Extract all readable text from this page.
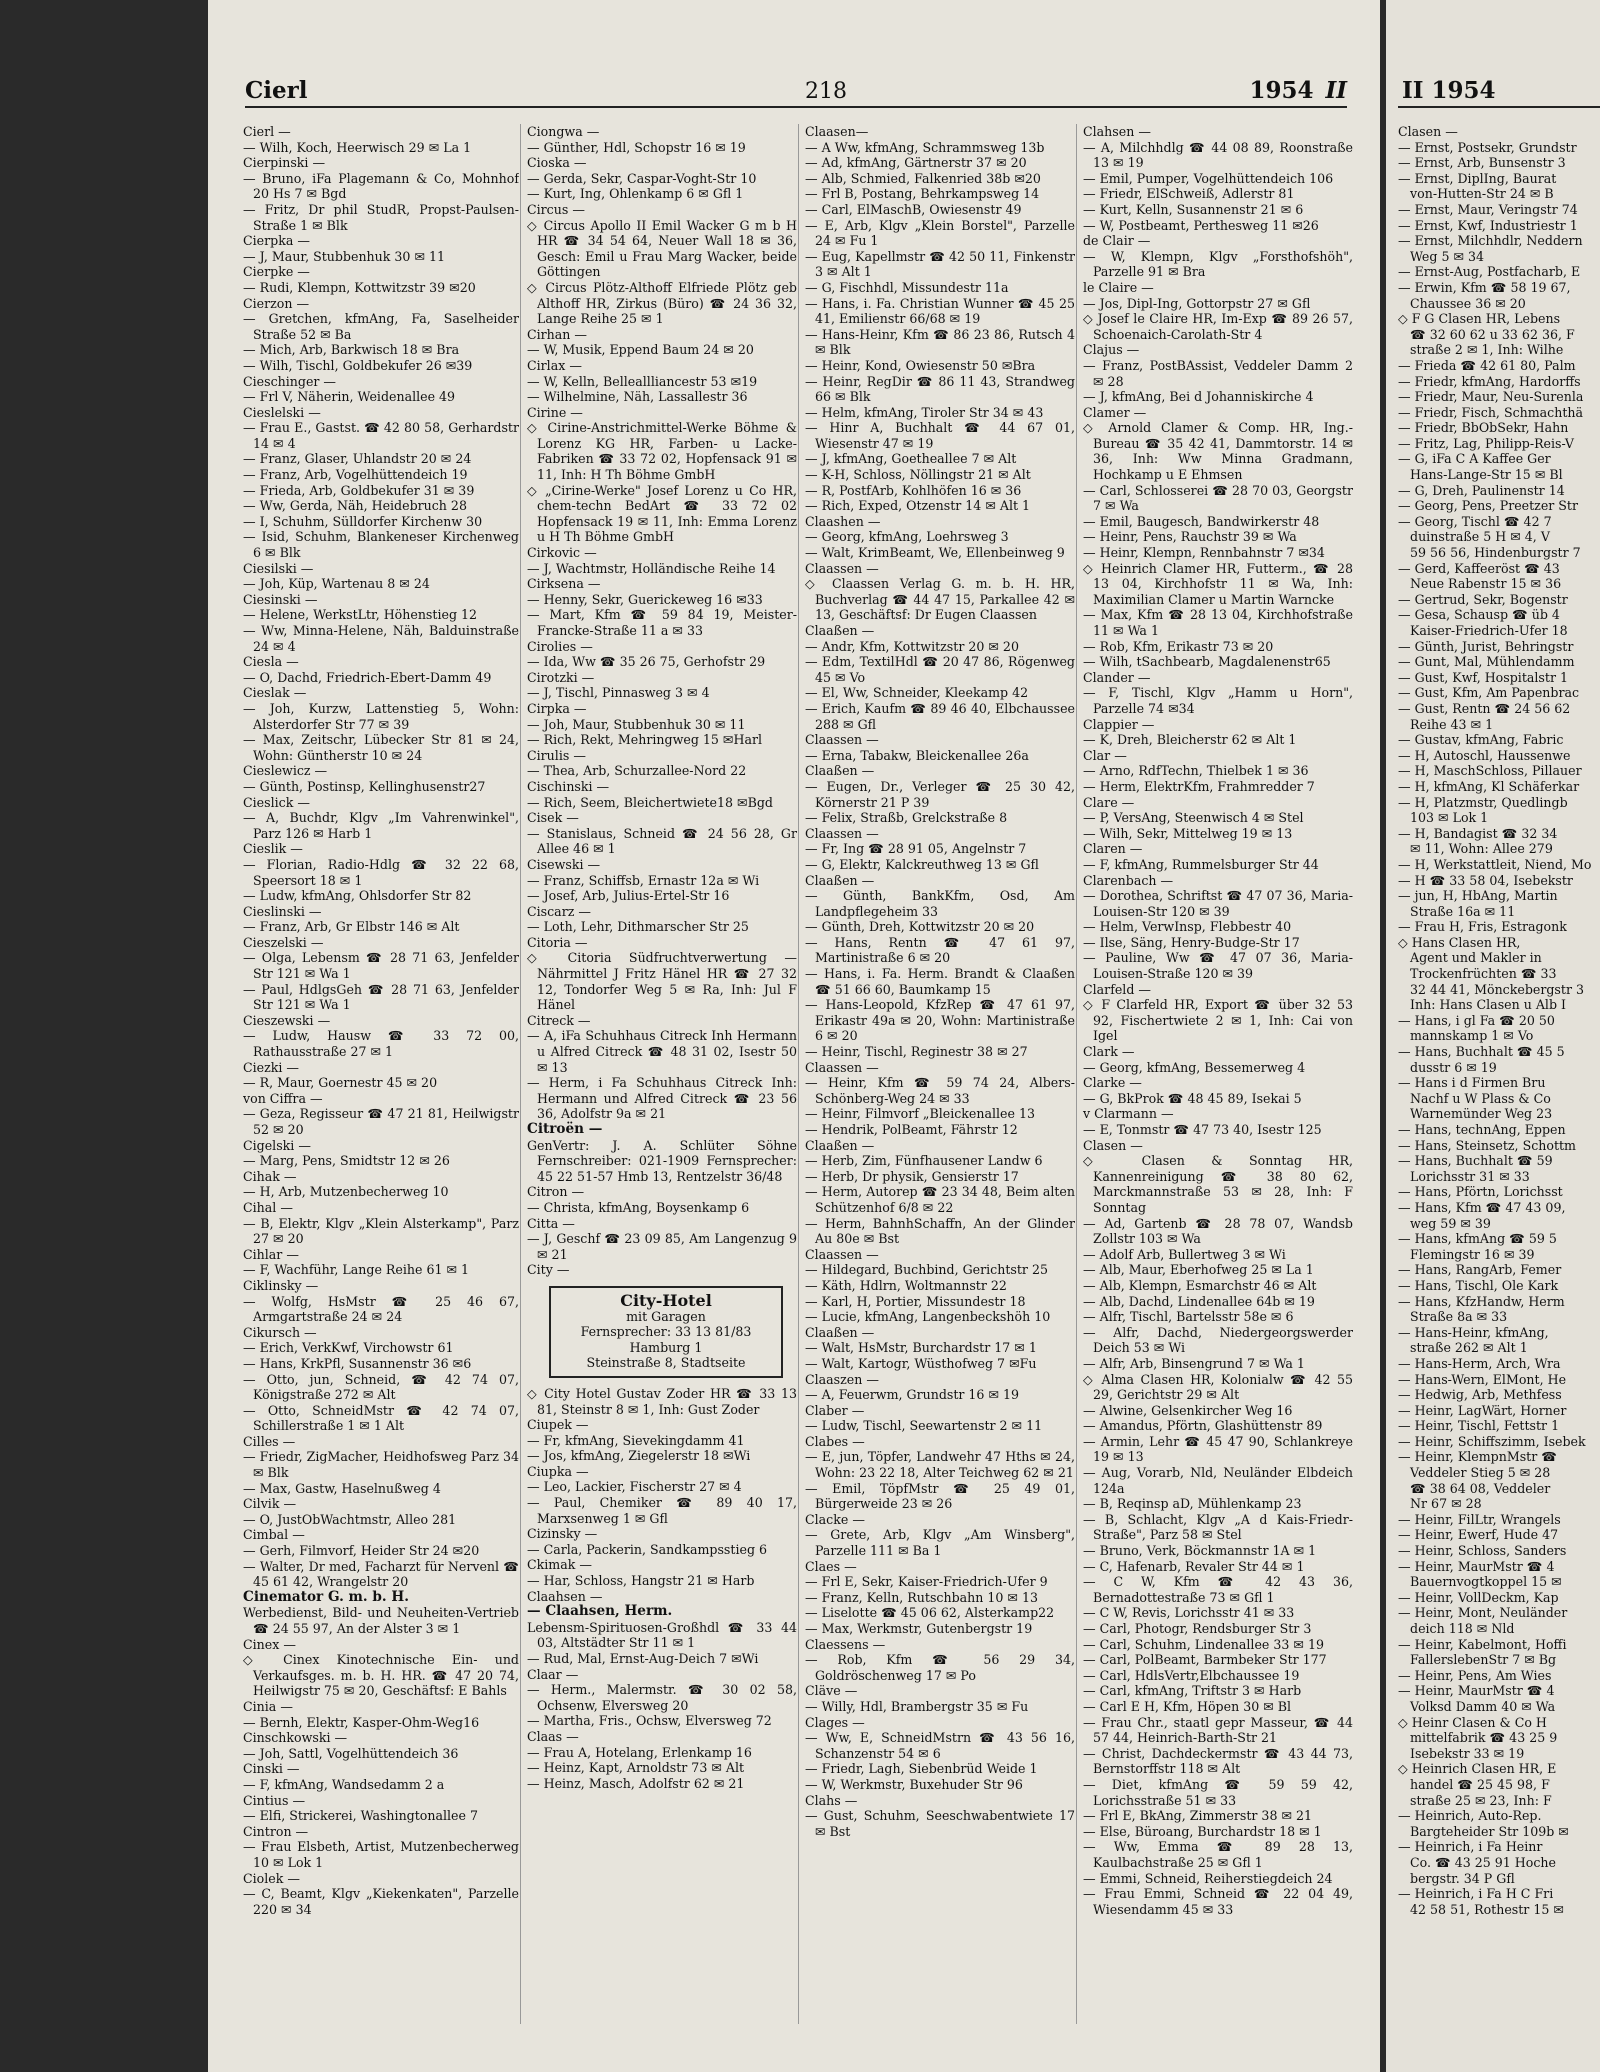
Cierl	218	1954 II

Cierl —

— Wilh, Koch, Heerwisch 29 ✉ La 1

Cierpinski —

— Bruno, iFa Plagemann & Co, Mohnhof 20 Hs 7 ✉ Bgd

— Fritz, Dr phil StudR, Propst-Paulsen-Straße 1 ✉ Blk

Cierpka —

— J, Maur, Stubbenhuk 30 ✉ 11

Cierpke —

— Rudi, Klempn, Kottwitzstr 39 ✉20

Cierzon —

— Gretchen, kfmAng, Fa, Saselheider Straße 52 ✉ Ba

— Mich, Arb, Barkwisch 18 ✉ Bra

— Wilh, Tischl, Goldbekufer 26 ✉39

Cieschinger —

— Frl V, Näherin, Weidenallee 49

Cieslelski —

— Frau E., Gastst. ☎ 42 80 58, Gerhardstr 14 ✉ 4

— Franz, Glaser, Uhlandstr 20 ✉ 24

— Franz, Arb, Vogelhüttendeich 19

— Frieda, Arb, Goldbekufer 31 ✉ 39

— Ww, Gerda, Näh, Heidebruch 28

— I, Schuhm, Sülldorfer Kirchenw 30

— Isid, Schuhm, Blankeneser Kirchenweg 6 ✉ Blk

Ciesilski —

— Joh, Küp, Wartenau 8 ✉ 24

Ciesinski —

— Helene, WerkstLtr, Höhenstieg 12

— Ww, Minna-Helene, Näh, Balduinstraße 24 ✉ 4

Ciesla —

— O, Dachd, Friedrich-Ebert-Damm 49

Cieslak —

— Joh, Kurzw, Lattenstieg 5, Wohn: Alsterdorfer Str 77 ✉ 39

— Max, Zeitschr, Lübecker Str 81 ✉ 24, Wohn: Güntherstr 10 ✉ 24

Cieslewicz —

— Günth, Postinsp, Kellinghusenstr27

Cieslick —

— A, Buchdr, Klgv „Im Vahrenwinkel", Parz 126 ✉ Harb 1

Cieslik —

— Florian, Radio-Hdlg ☎ 32 22 68, Speersort 18 ✉ 1

— Ludw, kfmAng, Ohlsdorfer Str 82

Cieslinski —

— Franz, Arb, Gr Elbstr 146 ✉ Alt

Cieszelski —

— Olga, Lebensm ☎ 28 71 63, Jenfelder Str 121 ✉ Wa 1

— Paul, HdlgsGeh ☎ 28 71 63, Jenfelder Str 121 ✉ Wa 1

Cieszewski —

— Ludw, Hausw ☎ 33 72 00, Rathausstraße 27 ✉ 1

Ciezki —

— R, Maur, Goernestr 45 ✉ 20

von Ciffra —

— Geza, Regisseur ☎ 47 21 81, Heilwigstr 52 ✉ 20

Cigelski —

— Marg, Pens, Smidtstr 12 ✉ 26

Cihak —

— H, Arb, Mutzenbecherweg 10

Cihal —

— B, Elektr, Klgv „Klein Alsterkamp", Parz 27 ✉ 20

Cihlar —

— F, Wachführ, Lange Reihe 61 ✉ 1

Ciklinsky —

— Wolfg, HsMstr ☎ 25 46 67, Armgartstraße 24 ✉ 24

Cikursch —

— Erich, VerkKwf, Virchowstr 61

— Hans, KrkPfl, Susannenstr 36 ✉6

— Otto, jun, Schneid, ☎ 42 74 07, Königstraße 272 ✉ Alt

— Otto, SchneidMstr ☎ 42 74 07, Schillerstraße 1 ✉ 1 Alt

Cilles —

— Friedr, ZigMacher, Heidhofsweg Parz 34 ✉ Blk

— Max, Gastw, Haselnußweg 4

Cilvik —

— O, JustObWachtmstr, Alleo 281

Cimbal —

— Gerh, Filmvorf, Heider Str 24 ✉20

— Walter, Dr med, Facharzt für Nervenl ☎ 45 61 42, Wrangelstr 20

Cinemator G. m. b. H.

Werbedienst, Bild- und Neuheiten-Vertrieb ☎ 24 55 97, An der Alster 3 ✉ 1

Cinex —

◇ Cinex Kinotechnische Ein- und Verkaufsges. m. b. H. HR. ☎ 47 20 74, Heilwigstr 75 ✉ 20, Geschäftsf: E Bahls

Cinia —

— Bernh, Elektr, Kasper-Ohm-Weg16

Cinschkowski —

— Joh, Sattl, Vogelhüttendeich 36

Cinski —

— F, kfmAng, Wandsedamm 2 a

Cintius —

— Elfi, Strickerei, Washingtonallee 7

Cintron —

— Frau Elsbeth, Artist, Mutzenbecherweg 10 ✉ Lok 1

Ciolek —

— C, Beamt, Klgv „Kiekenkaten", Parzelle 220 ✉ 34

Ciongwa —

— Günther, Hdl, Schopstr 16 ✉ 19

Cioska —

— Gerda, Sekr, Caspar-Voght-Str 10

— Kurt, Ing, Ohlenkamp 6 ✉ Gfl 1

Circus —

◇ Circus Apollo II Emil Wacker G m b H HR ☎ 34 54 64, Neuer Wall 18 ✉ 36, Gesch: Emil u Frau Marg Wacker, beide Göttingen

◇ Circus Plötz-Althoff Elfriede Plötz geb Althoff HR, Zirkus (Büro) ☎ 24 36 32, Lange Reihe 25 ✉ 1

Cirhan —

— W, Musik, Eppend Baum 24 ✉ 20

Cirlax —

— W, Kelln, Belleallliancestr 53 ✉19

— Wilhelmine, Näh, Lassallestr 36

Cirine —

◇ Cirine-Anstrichmittel-Werke Böhme & Lorenz KG HR, Farben- u Lacke-Fabriken ☎ 33 72 02, Hopfensack 91 ✉ 11, Inh: H Th Böhme GmbH

◇ „Cirine-Werke" Josef Lorenz u Co HR, chem-techn BedArt ☎ 33 72 02 Hopfensack 19 ✉ 11, Inh: Emma Lorenz u H Th Böhme GmbH

Cirkovic —

— J, Wachtmstr, Holländische Reihe 14

Cirksena —

— Henny, Sekr, Guerickeweg 16 ✉33

— Mart, Kfm ☎ 59 84 19, Meister-Francke-Straße 11 a ✉ 33

Cirolies —

— Ida, Ww ☎ 35 26 75, Gerhofstr 29

Cirotzki —

— J, Tischl, Pinnasweg 3 ✉ 4

Cirpka —

— Joh, Maur, Stubbenhuk 30 ✉ 11

— Rich, Rekt, Mehringweg 15 ✉Harl

Cirulis —

— Thea, Arb, Schurzallee-Nord 22

Cischinski —

— Rich, Seem, Bleichertwiete18 ✉Bgd

Cisek —

— Stanislaus, Schneid ☎ 24 56 28, Gr Allee 46 ✉ 1

Cisewski —

— Franz, Schiffsb, Ernastr 12a ✉ Wi

— Josef, Arb, Julius-Ertel-Str 16

Ciscarz —

— Loth, Lehr, Dithmarscher Str 25

Citoria —

◇ Citoria Südfruchtverwertung — Nährmittel J Fritz Hänel HR ☎ 27 32 12, Tondorfer Weg 5 ✉ Ra, Inh: Jul F Hänel

Citreck —

— A, iFa Schuhhaus Citreck Inh Hermann u Alfred Citreck ☎ 48 31 02, Isestr 50 ✉ 13

— Herm, i Fa Schuhhaus Citreck Inh: Hermann und Alfred Citreck ☎ 23 56 36, Adolfstr 9a ✉ 21

Citroën —

GenVertr: J. A. Schlüter Söhne Fernschreiber: 021-1909 Fernsprecher: 45 22 51-57 Hmb 13, Rentzelstr 36/48

Citron —

— Christa, kfmAng, Boysenkamp 6

Citta —

— J, Geschf ☎ 23 09 85, Am Langenzug 9 ✉ 21

City —

City-Hotel
mit Garagen
Fernsprecher: 33 13 81/83
Hamburg 1
Steinstraße 8, Stadtseite

◇ City Hotel Gustav Zoder HR ☎ 33 13 81, Steinstr 8 ✉ 1, Inh: Gust Zoder

Ciupek —

— Fr, kfmAng, Sievekingdamm 41

— Jos, kfmAng, Ziegelerstr 18 ✉Wi

Ciupka —

— Leo, Lackier, Fischerstr 27 ✉ 4

— Paul, Chemiker ☎ 89 40 17, Marxsenweg 1 ✉ Gfl

Cizinsky —

— Carla, Packerin, Sandkampsstieg 6

Ckimak —

— Har, Schloss, Hangstr 21 ✉ Harb

Claahsen —

— Claahsen, Herm.

Lebensm-Spirituosen-Großhdl ☎ 33 44 03, Altstädter Str 11 ✉ 1

— Rud, Mal, Ernst-Aug-Deich 7 ✉Wi

Claar —

— Herm., Malermstr. ☎ 30 02 58, Ochsenw, Elversweg 20

— Martha, Fris., Ochsw, Elversweg 72

Claas —

— Frau A, Hotelang, Erlenkamp 16

— Heinz, Kapt, Arnoldstr 73 ✉ Alt

— Heinz, Masch, Adolfstr 62 ✉ 21

Claasen—

— A Ww, kfmAng, Schrammsweg 13b

— Ad, kfmAng, Gärtnerstr 37 ✉ 20

— Alb, Schmied, Falkenried 38b ✉20

— Frl B, Postang, Behrkampsweg 14

— Carl, ElMaschB, Owiesenstr 49

— E, Arb, Klgv „Klein Borstel", Parzelle 24 ✉ Fu 1

— Eug, Kapellmstr ☎ 42 50 11, Finkenstr 3 ✉ Alt 1

— G, Fischhdl, Missundestr 11a

— Hans, i. Fa. Christian Wunner ☎ 45 25 41, Emilienstr 66/68 ✉ 19

— Hans-Heinr, Kfm ☎ 86 23 86, Rutsch 4 ✉ Blk

— Heinr, Kond, Owiesenstr 50 ✉Bra

— Heinr, RegDir ☎ 86 11 43, Strandweg 66 ✉ Blk

— Helm, kfmAng, Tiroler Str 34 ✉ 43

— Hinr A, Buchhalt ☎ 44 67 01, Wiesenstr 47 ✉ 19

— J, kfmAng, Goetheallee 7 ✉ Alt

— K-H, Schloss, Nöllingstr 21 ✉ Alt

— R, PostfArb, Kohlhöfen 16 ✉ 36

— Rich, Exped, Otzenstr 14 ✉ Alt 1

Claashen —

— Georg, kfmAng, Loehrsweg 3

— Walt, KrimBeamt, We, Ellenbeinweg 9

Claassen —

◇ Claassen Verlag G. m. b. H. HR, Buchverlag ☎ 44 47 15, Parkallee 42 ✉ 13, Geschäftsf: Dr Eugen Claassen

Claaßen —

— Andr, Kfm, Kottwitzstr 20 ✉ 20

— Edm, TextilHdl ☎ 20 47 86, Rögenweg 45 ✉ Vo

— El, Ww, Schneider, Kleekamp 42

— Erich, Kaufm ☎ 89 46 40, Elbchaussee 288 ✉ Gfl

Claassen —

— Erna, Tabakw, Bleickenallee 26a

Claaßen —

— Eugen, Dr., Verleger ☎ 25 30 42, Körnerstr 21 P 39

— Felix, Straßb, Grelckstraße 8

Claassen —

— Fr, Ing ☎ 28 91 05, Angelnstr 7

— G, Elektr, Kalckreuthweg 13 ✉ Gfl

Claaßen —

— Günth, BankKfm, Osd, Am Landpflegeheim 33

— Günth, Dreh, Kottwitzstr 20 ✉ 20

— Hans, Rentn ☎ 47 61 97, Martinistraße 6 ✉ 20

— Hans, i. Fa. Herm. Brandt & Claaßen ☎ 51 66 60, Baumkamp 15

— Hans-Leopold, KfzRep ☎ 47 61 97, Erikastr 49a ✉ 20, Wohn: Martinistraße 6 ✉ 20

— Heinr, Tischl, Reginestr 38 ✉ 27

Claassen —

— Heinr, Kfm ☎ 59 74 24, Albers-Schönberg-Weg 24 ✉ 33

— Heinr, Filmvorf „Bleickenallee 13

— Hendrik, PolBeamt, Fährstr 12

Claaßen —

— Herb, Zim, Fünfhausener Landw 6

— Herb, Dr physik, Gensierstr 17

— Herm, Autorep ☎ 23 34 48, Beim alten Schützenhof 6/8 ✉ 22

— Herm, BahnhSchaffn, An der Glinder Au 80e ✉ Bst

Claassen —

— Hildegard, Buchbind, Gerichtstr 25

— Käth, Hdlrn, Woltmannstr 22

— Karl, H, Portier, Missundestr 18

— Lucie, kfmAng, Langenbeckshöh 10

Claaßen —

— Walt, HsMstr, Burchardstr 17 ✉ 1

— Walt, Kartogr, Wüsthofweg 7 ✉Fu

Claaszen —

— A, Feuerwm, Grundstr 16 ✉ 19

Claber —

— Ludw, Tischl, Seewartenstr 2 ✉ 11

Clabes —

— E, jun, Töpfer, Landwehr 47 Hths ✉ 24, Wohn: 23 22 18, Alter Teichweg 62 ✉ 21

— Emil, TöpfMstr ☎ 25 49 01, Bürgerweide 23 ✉ 26

Clacke —

— Grete, Arb, Klgv „Am Winsberg", Parzelle 111 ✉ Ba 1

Claes —

— Frl E, Sekr, Kaiser-Friedrich-Ufer 9

— Franz, Kelln, Rutschbahn 10 ✉ 13

— Liselotte ☎ 45 06 62, Alsterkamp22

— Max, Werkmstr, Gutenbergstr 19

Claessens —

— Rob, Kfm ☎ 56 29 34, Goldröschenweg 17 ✉ Po

Cläve —

— Willy, Hdl, Brambergstr 35 ✉ Fu

Clages —

— Ww, E, SchneidMstrn ☎ 43 56 16, Schanzenstr 54 ✉ 6

— Friedr, Lagh, Siebenbrüd Weide 1

— W, Werkmstr, Buxehuder Str 96

Clahs —

— Gust, Schuhm, Seeschwabentwiete 17 ✉ Bst

Clahsen —

— A, Milchhdlg ☎ 44 08 89, Roonstraße 13 ✉ 19

— Emil, Pumper, Vogelhüttendeich 106

— Friedr, ElSchweiß, Adlerstr 81

— Kurt, Kelln, Susannenstr 21 ✉ 6

— W, Postbeamt, Perthesweg 11 ✉26

de Clair —

— W, Klempn, Klgv „Forsthofshöh", Parzelle 91 ✉ Bra

le Claire —

— Jos, Dipl-Ing, Gottorpstr 27 ✉ Gfl

◇ Josef le Claire HR, Im-Exp ☎ 89 26 57, Schoenaich-Carolath-Str 4

Clajus —

— Franz, PostBAssist, Veddeler Damm 2 ✉ 28

— J, kfmAng, Bei d Johanniskirche 4

Clamer —

◇ Arnold Clamer & Comp. HR, Ing.-Bureau ☎ 35 42 41, Dammtorstr. 14 ✉ 36, Inh: Ww Minna Gradmann, Hochkamp u E Ehmsen

— Carl, Schlosserei ☎ 28 70 03, Georgstr 7 ✉ Wa

— Emil, Baugesch, Bandwirkerstr 48

— Heinr, Pens, Rauchstr 39 ✉ Wa

— Heinr, Klempn, Rennbahnstr 7 ✉34

◇ Heinrich Clamer HR, Futterm., ☎ 28 13 04, Kirchhofstr 11 ✉ Wa, Inh: Maximilian Clamer u Martin Warncke

— Max, Kfm ☎ 28 13 04, Kirchhofstraße 11 ✉ Wa 1

— Rob, Kfm, Erikastr 73 ✉ 20

— Wilh, tSachbearb, Magdalenenstr65

Clander —

— F, Tischl, Klgv „Hamm u Horn", Parzelle 74 ✉34

Clappier —

— K, Dreh, Bleicherstr 62 ✉ Alt 1

Clar —

— Arno, RdfTechn, Thielbek 1 ✉ 36

— Herm, ElektrKfm, Frahmredder 7

Clare —

— P, VersAng, Steenwisch 4 ✉ Stel

— Wilh, Sekr, Mittelweg 19 ✉ 13

Claren —

— F, kfmAng, Rummelsburger Str 44

Clarenbach —

— Dorothea, Schriftst ☎ 47 07 36, Maria-Louisen-Str 120 ✉ 39

— Helm, VerwInsp, Flebbestr 40

— Ilse, Säng, Henry-Budge-Str 17

— Pauline, Ww ☎ 47 07 36, Maria-Louisen-Straße 120 ✉ 39

Clarfeld —

◇ F Clarfeld HR, Export ☎ über 32 53 92, Fischertwiete 2 ✉ 1, Inh: Cai von Igel

Clark —

— Georg, kfmAng, Bessemerweg 4

Clarke —

— G, BkProk ☎ 48 45 89, Isekai 5

v Clarmann —

— E, Tonmstr ☎ 47 73 40, Isestr 125

Clasen —

◇ Clasen & Sonntag HR, Kannenreinigung ☎ 38 80 62, Marckmannstraße 53 ✉ 28, Inh: F Sonntag

— Ad, Gartenb ☎ 28 78 07, Wandsb Zollstr 103 ✉ Wa

— Adolf Arb, Bullertweg 3 ✉ Wi

— Alb, Maur, Eberhofweg 25 ✉ La 1

— Alb, Klempn, Esmarchstr 46 ✉ Alt

— Alb, Dachd, Lindenallee 64b ✉ 19

— Alfr, Tischl, Bartelsstr 58e ✉ 6

— Alfr, Dachd, Niedergeorgswerder Deich 53 ✉ Wi

— Alfr, Arb, Binsengrund 7 ✉ Wa 1

◇ Alma Clasen HR, Kolonialw ☎ 42 55 29, Gerichtstr 29 ✉ Alt

— Alwine, Gelsenkircher Weg 16

— Amandus, Pförtn, Glashüttenstr 89

— Armin, Lehr ☎ 45 47 90, Schlankreye 19 ✉ 13

— Aug, Vorarb, Nld, Neuländer Elbdeich 124a

— B, Reqinsp aD, Mühlenkamp 23

— B, Schlacht, Klgv „A d Kais-Friedr-Straße", Parz 58 ✉ Stel

— Bruno, Verk, Böckmannstr 1A ✉ 1

— C, Hafenarb, Revaler Str 44 ✉ 1

— C W, Kfm ☎ 42 43 36, Bernadottestraße 73 ✉ Gfl 1

— C W, Revis, Lorichsstr 41 ✉ 33

— Carl, Photogr, Rendsburger Str 3

— Carl, Schuhm, Lindenallee 33 ✉ 19

— Carl, PolBeamt, Barmbeker Str 177

— Carl, HdlsVertr,Elbchaussee 19

— Carl, kfmAng, Triftstr 3 ✉ Harb

— Carl E H, Kfm, Höpen 30 ✉ Bl

— Frau Chr., staatl gepr Masseur, ☎ 44 57 44, Heinrich-Barth-Str 21

— Christ, Dachdeckermstr ☎ 43 44 73, Bernstorffstr 118 ✉ Alt

— Diet, kfmAng ☎ 59 59 42, Lorichsstraße 51 ✉ 33

— Frl E, BkAng, Zimmerstr 38 ✉ 21

— Else, Büroang, Burchardstr 18 ✉ 1

— Ww, Emma ☎ 89 28 13, Kaulbachstraße 25 ✉ Gfl 1

— Emmi, Schneid, Reiherstiegdeich 24

— Frau Emmi, Schneid ☎ 22 04 49, Wiesendamm 45 ✉ 33

II 1954
Clasen —
— Ernst, Postsekr, Grundstr
— Ernst, Arb, Bunsenstr 3
— Ernst, DiplIng, Baurat
von-Hutten-Str 24 ✉ B
— Ernst, Maur, Veringstr 74
— Ernst, Kwf, Industriestr 1
— Ernst, Milchhdlr, Neddern
Weg 5 ✉ 34
— Ernst-Aug, Postfacharb, E
— Erwin, Kfm ☎ 58 19 67,
Chaussee 36 ✉ 20
◇ F G Clasen HR, Lebens
☎ 32 60 62 u 33 62 36, F
straße 2 ✉ 1, Inh: Wilhe
— Frieda ☎ 42 61 80, Palm
— Friedr, kfmAng, Hardorffs
— Friedr, Maur, Neu-Surenla
— Friedr, Fisch, Schmachthä
— Friedr, BbObSekr, Hahn
— Fritz, Lag, Philipp-Reis-V
— G, iFa C A Kaffee Ger
Hans-Lange-Str 15 ✉ Bl
— G, Dreh, Paulinenstr 14
— Georg, Pens, Preetzer Str
— Georg, Tischl ☎ 42 7
duinstraße 5 H ✉ 4, V
59 56 56, Hindenburgstr 7
— Gerd, Kaffeeröst ☎ 43
Neue Rabenstr 15 ✉ 36
— Gertrud, Sekr, Bogenstr
— Gesa, Schausp ☎ üb 4
Kaiser-Friedrich-Ufer 18
— Günth, Jurist, Behringstr
— Gunt, Mal, Mühlendamm
— Gust, Kwf, Hospitalstr 1
— Gust, Kfm, Am Papenbrac
— Gust, Rentn ☎ 24 56 62
Reihe 43 ✉ 1
— Gustav, kfmAng, Fabric
— H, Autoschl, Haussenwe
— H, MaschSchloss, Pillauer
— H, kfmAng, Kl Schäferkar
— H, Platzmstr, Quedlingb
103 ✉ Lok 1
— H, Bandagist ☎ 32 34
✉ 11, Wohn: Allee 279
— H, Werkstattleit, Niend, Mo
— H ☎ 33 58 04, Isebekstr
— jun, H, HbAng, Martin
Straße 16a ✉ 11
— Frau H, Fris, Estragonk
◇ Hans Clasen HR,
Agent und Makler in
Trockenfrüchten ☎ 33
32 44 41, Mönckebergstr 3
Inh: Hans Clasen u Alb I
— Hans, i gl Fa ☎ 20 50
mannskamp 1 ✉ Vo
— Hans, Buchhalt ☎ 45 5
dusstr 6 ✉ 19
— Hans i d Firmen Bru
Nachf u W Plass & Co
Warnemünder Weg 23
— Hans, technAng, Eppen
— Hans, Steinsetz, Schottm
— Hans, Buchhalt ☎ 59
Lorichsstr 31 ✉ 33
— Hans, Pförtn, Lorichsst
— Hans, Kfm ☎ 47 43 09,
weg 59 ✉ 39
— Hans, kfmAng ☎ 59 5
Flemingstr 16 ✉ 39
— Hans, RangArb, Femer
— Hans, Tischl, Ole Kark
— Hans, KfzHandw, Herm
Straße 8a ✉ 33
— Hans-Heinr, kfmAng,
straße 262 ✉ Alt 1
— Hans-Herm, Arch, Wra
— Hans-Wern, ElMont, He
— Hedwig, Arb, Methfess
— Heinr, LagWärt, Horner
— Heinr, Tischl, Fettstr 1
— Heinr, Schiffszimm, Isebek
— Heinr, KlempnMstr ☎
Veddeler Stieg 5 ✉ 28
☎ 38 64 08, Veddeler
Nr 67 ✉ 28
— Heinr, FilLtr, Wrangels
— Heinr, Ewerf, Hude 47
— Heinr, Schloss, Sanders
— Heinr, MaurMstr ☎ 4
Bauernvogtkoppel 15 ✉
— Heinr, VollDeckm, Kap
— Heinr, Mont, Neuländer
deich 118 ✉ Nld
— Heinr, Kabelmont, Hoffi
FallerslebenStr 7 ✉ Bg
— Heinr, Pens, Am Wies
— Heinr, MaurMstr ☎ 4
Volksd Damm 40 ✉ Wa
◇ Heinr Clasen & Co H
mittelfabrik ☎ 43 25 9
Isebekstr 33 ✉ 19
◇ Heinrich Clasen HR, E
handel ☎ 25 45 98, F
straße 25 ✉ 23, Inh: F
— Heinrich, Auto-Rep.
Bargteheider Str 109b ✉
— Heinrich, i Fa Heinr
Co. ☎ 43 25 91 Hoche
bergstr. 34 P Gfl
— Heinrich, i Fa H C Fri
42 58 51, Rothestr 15 ✉
